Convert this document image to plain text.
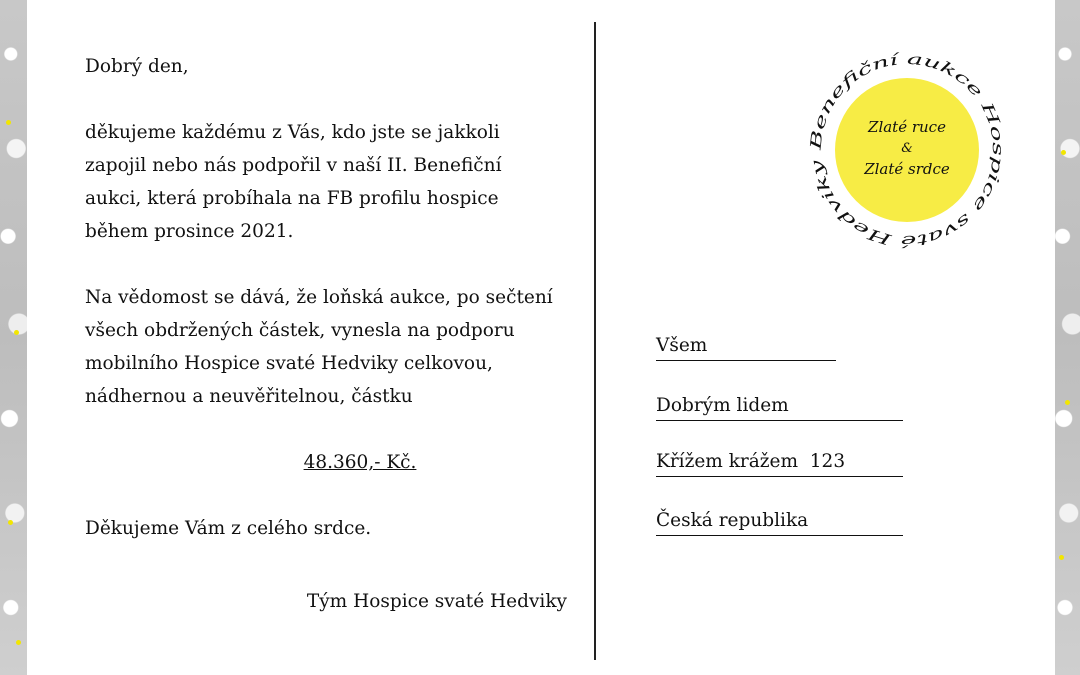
Dobrý den,

děkujeme každému z Vás, kdo jste se jakkoli zapojil nebo nás podpořil v naší II. Benefiční aukci, která probíhala na FB profilu hospice během prosince 2021.

Na vědomost se dává, že loňská aukce, po sečtení všech obdržených částek, vynesla na podporu mobilního Hospice svaté Hedviky celkovou, nádhernou a neuvěřitelnou, částku

48.360,- Kč.

Děkujeme Vám z celého srdce.

Tým Hospice svaté Hedviky

Benefiční aukce Hospice svaté Hedviky
Zlaté ruce
&
Zlaté srdce
Všem
Dobrým lidem
Křížem krážem  123
Česká republika
